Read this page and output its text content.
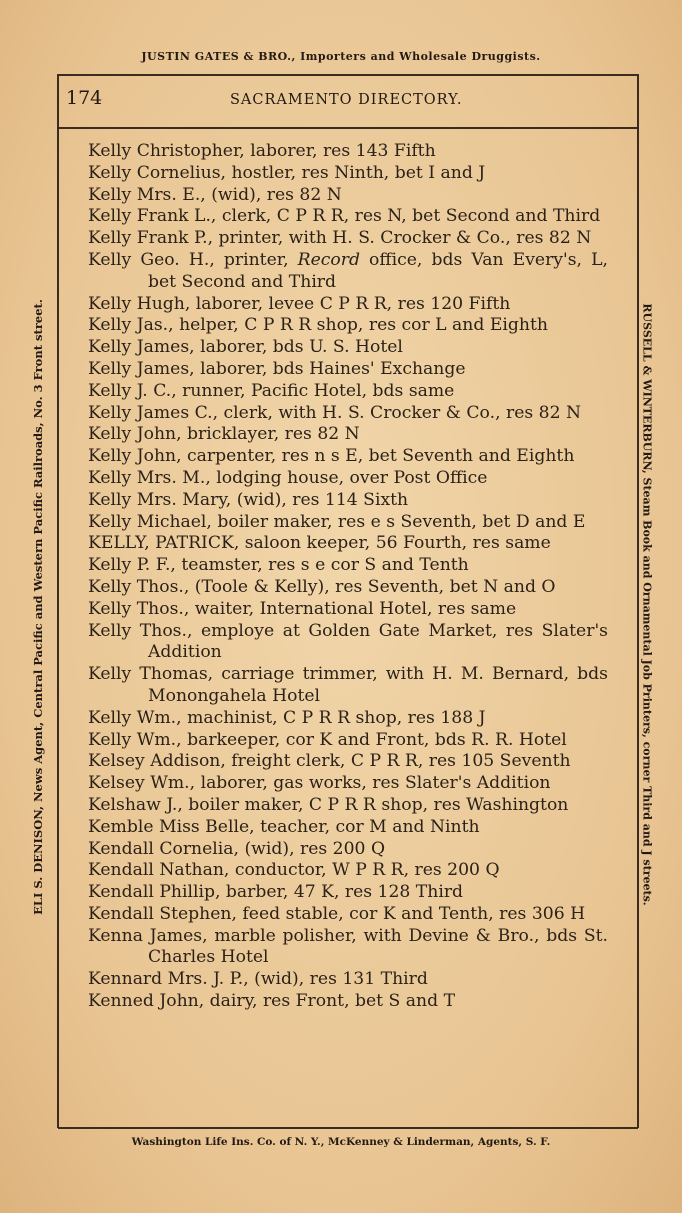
JUSTIN GATES & BRO., Importers and Wholesale Druggists.
174	SACRAMENTO DIRECTORY.
ELI S. DENISON, News Agent, Central Pacific and Western Pacific Railroads, No. 3 Front street.	RUSSELL & WINTERBURN, Steam Book and Ornamental Job Printers, corner Third and J streets.
Kelly Christopher, laborer, res 143 Fifth
Kelly Cornelius, hostler, res Ninth, bet I and J
Kelly Mrs. E., (wid), res 82 N
Kelly Frank L., clerk, C P R R, res N, bet Second and Third
Kelly Frank P., printer, with H. S. Crocker & Co., res 82 N
Kelly Geo. H., printer, Record office, bds Van Every's, L, bet Second and Third
Kelly Hugh, laborer, levee C P R R, res 120 Fifth
Kelly Jas., helper, C P R R shop, res cor L and Eighth
Kelly James, laborer, bds U. S. Hotel
Kelly James, laborer, bds Haines' Exchange
Kelly J. C., runner, Pacific Hotel, bds same
Kelly James C., clerk, with H. S. Crocker & Co., res 82 N
Kelly John, bricklayer, res 82 N
Kelly John, carpenter, res n s E, bet Seventh and Eighth
Kelly Mrs. M., lodging house, over Post Office
Kelly Mrs. Mary, (wid), res 114 Sixth
Kelly Michael, boiler maker, res e s Seventh, bet D and E
KELLY, PATRICK, saloon keeper, 56 Fourth, res same
Kelly P. F., teamster, res s e cor S and Tenth
Kelly Thos., (Toole & Kelly), res Seventh, bet N and O
Kelly Thos., waiter, International Hotel, res same
Kelly Thos., employe at Golden Gate Market, res Slater's Addition
Kelly Thomas, carriage trimmer, with H. M. Bernard, bds Monongahela Hotel
Kelly Wm., machinist, C P R R shop, res 188 J
Kelly Wm., barkeeper, cor K and Front, bds R. R. Hotel
Kelsey Addison, freight clerk, C P R R, res 105 Seventh
Kelsey Wm., laborer, gas works, res Slater's Addition
Kelshaw J., boiler maker, C P R R shop, res Washington
Kemble Miss Belle, teacher, cor M and Ninth
Kendall Cornelia, (wid), res 200 Q
Kendall Nathan, conductor, W P R R, res 200 Q
Kendall Phillip, barber, 47 K, res 128 Third
Kendall Stephen, feed stable, cor K and Tenth, res 306 H
Kenna James, marble polisher, with Devine & Bro., bds St. Charles Hotel
Kennard Mrs. J. P., (wid), res 131 Third
Kenned John, dairy, res Front, bet S and T
Washington Life Ins. Co. of N. Y., McKenney & Linderman, Agents, S. F.
